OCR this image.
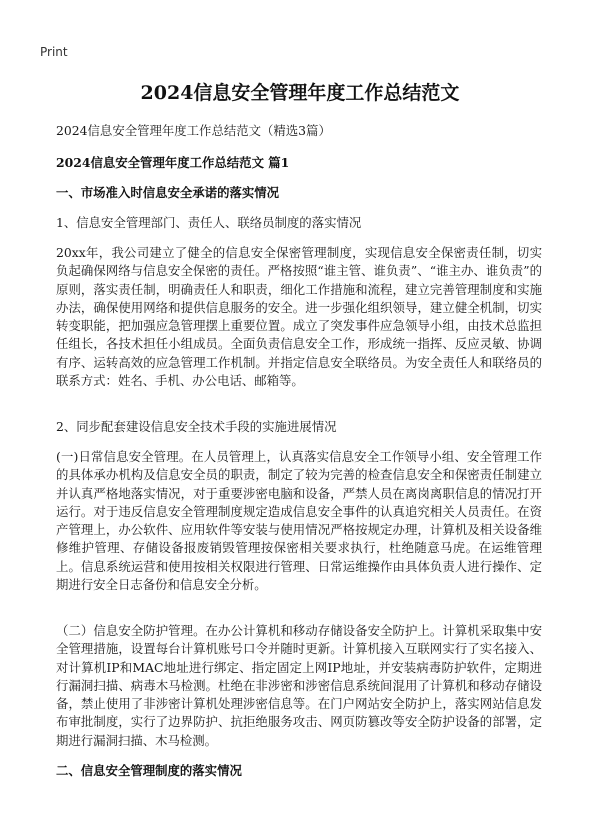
Print
2024信息安全管理年度工作总结范文
2024信息安全管理年度工作总结范文（精选3篇）
2024信息安全管理年度工作总结范文 篇1
一、市场准入时信息安全承诺的落实情况
1、信息安全管理部门、责任人、联络员制度的落实情况
20xx年，我公司建立了健全的信息安全保密管理制度，实现信息安全保密责任制，切实负起确保网络与信息安全保密的责任。严格按照“谁主管、谁负责”、“谁主办、谁负责”的原则，落实责任制，明确责任人和职责，细化工作措施和流程，建立完善管理制度和实施办法，确保使用网络和提供信息服务的安全。进一步强化组织领导，建立健全机制，切实转变职能，把加强应急管理摆上重要位置。成立了突发事件应急领导小组，由技术总监担任组长，各技术担任小组成员。全面负责信息安全工作，形成统一指挥、反应灵敏、协调有序、运转高效的应急管理工作机制。并指定信息安全联络员。为安全责任人和联络员的联系方式：姓名、手机、办公电话、邮箱等。
2、同步配套建设信息安全技术手段的实施进展情况
(一)日常信息安全管理。在人员管理上，认真落实信息安全工作领导小组、安全管理工作的具体承办机构及信息安全员的职责，制定了较为完善的检查信息安全和保密责任制建立并认真严格地落实情况，对于重要涉密电脑和设备，严禁人员在离岗离职信息的情况打开运行。对于违反信息安全管理制度规定造成信息安全事件的认真追究相关人员责任。在资产管理上，办公软件、应用软件等安装与使用情况严格按规定办理，计算机及相关设备维修维护管理、存储设备报废销毁管理按保密相关要求执行，杜绝随意马虎。在运维管理上。信息系统运营和使用按相关权限进行管理、日常运维操作由具体负责人进行操作、定期进行安全日志备份和信息安全分析。
（二）信息安全防护管理。在办公计算机和移动存储设备安全防护上。计算机采取集中安全管理措施，设置每台计算机账号口令并随时更新。计算机接入互联网实行了实名接入、对计算机IP和MAC地址进行绑定、指定固定上网IP地址，并安装病毒防护软件，定期进行漏洞扫描、病毒木马检测。杜绝在非涉密和涉密信息系统间混用了计算机和移动存储设备，禁止使用了非涉密计算机处理涉密信息等。在门户网站安全防护上，落实网站信息发布审批制度，实行了边界防护、抗拒绝服务攻击、网页防篡改等安全防护设备的部署，定期进行漏洞扫描、木马检测。
二、信息安全管理制度的落实情况
